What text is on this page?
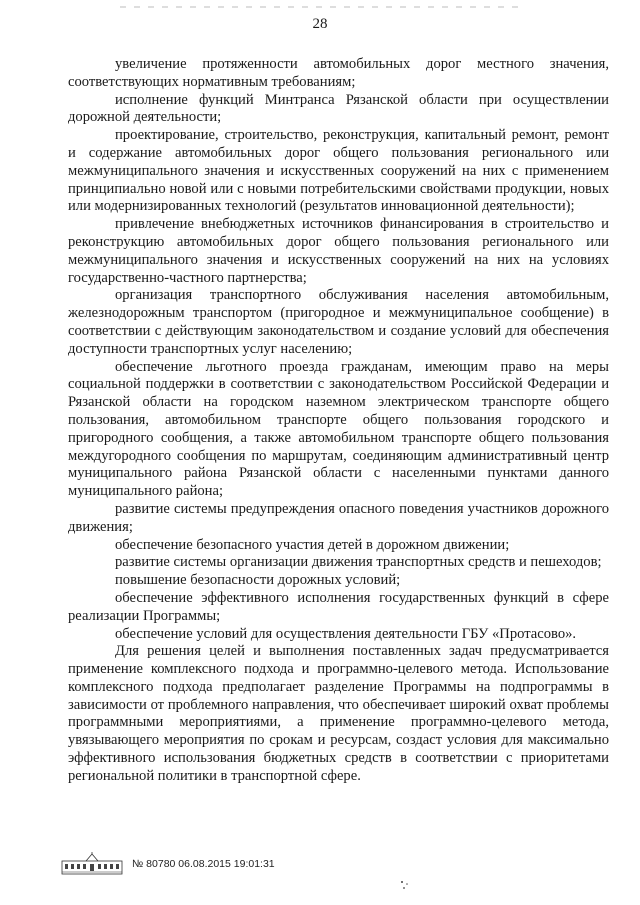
28

увеличение протяженности автомобильных дорог местного значения, соответствующих нормативным требованиям;

исполнение функций Минтранса Рязанской области при осуществлении дорожной деятельности;

проектирование, строительство, реконструкция, капитальный ремонт, ремонт и содержание автомобильных дорог общего пользования регионального или межмуниципального значения и искусственных сооружений на них с применением принципиально новой или с новыми потребительскими свойствами продукции, новых или модернизированных технологий (результатов инновационной деятельности);

привлечение внебюджетных источников финансирования в строительство и реконструкцию автомобильных дорог общего пользования регионального или межмуниципального значения и искусственных сооружений на них на условиях государственно-частного партнерства;

организация транспортного обслуживания населения автомобильным, железнодорожным транспортом (пригородное и межмуниципальное сообщение) в соответствии с действующим законодательством и создание условий для обеспечения доступности транспортных услуг населению;

обеспечение льготного проезда гражданам, имеющим право на меры социальной поддержки в соответствии с законодательством Российской Федерации и Рязанской области на городском наземном электрическом транспорте общего пользования, автомобильном транспорте общего пользования городского и пригородного сообщения, а также автомобильном транспорте общего пользования междугородного сообщения по маршрутам, соединяющим административный центр муниципального района Рязанской области с населенными пунктами данного муниципального района;

развитие системы предупреждения опасного поведения участников дорожного движения;

обеспечение безопасного участия детей в дорожном движении;

развитие системы организации движения транспортных средств и пешеходов;

повышение безопасности дорожных условий;

обеспечение эффективного исполнения государственных функций в сфере реализации Программы;

обеспечение условий для осуществления деятельности ГБУ «Протасово».

Для решения целей и выполнения поставленных задач предусматривается применение комплексного подхода и программно-целевого метода. Использование комплексного подхода предполагает разделение Программы на подпрограммы в зависимости от проблемного направления, что обеспечивает широкий охват проблемы программными мероприятиями, а применение программно-целевого метода, увязывающего мероприятия по срокам и ресурсам, создаст условия для максимально эффективного использования бюджетных средств в соответствии с приоритетами региональной политики в транспортной сфере.

№ 80780 06.08.2015 19:01:31
